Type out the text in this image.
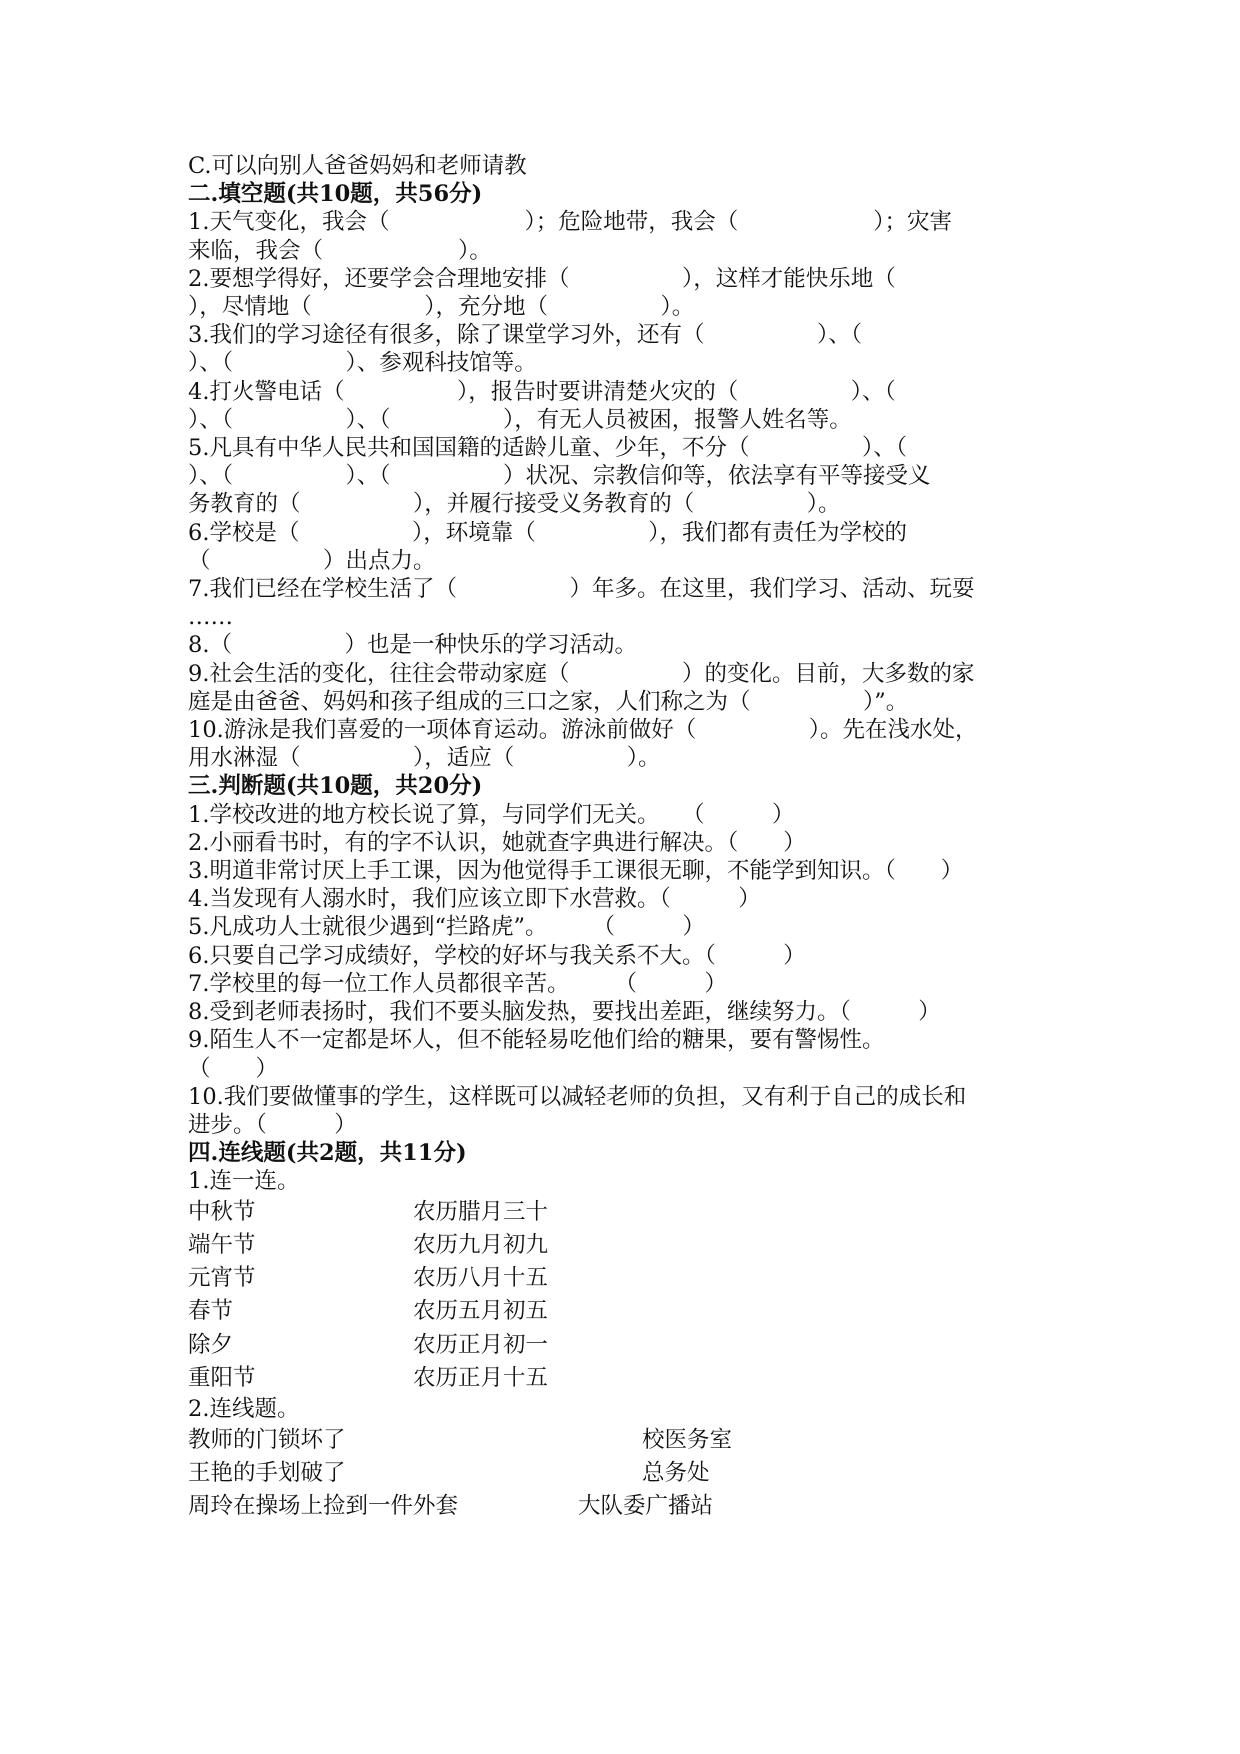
C.可以向别人爸爸妈妈和老师请教
二.填空题(共10题，共56分)
1.天气变化，我会（　　　　　　）；危险地带，我会（　　　　　　）；灾害
来临，我会（　　　　　　）。
2.要想学得好，还要学会合理地安排（　　　　　），这样才能快乐地（
），尽情地（　　　　　），充分地（　　　　　）。
3.我们的学习途径有很多，除了课堂学习外，还有（　　　　　）、（
）、（　　　　　）、参观科技馆等。
4.打火警电话（　　　　　），报告时要讲清楚火灾的（　　　　　）、（
）、（　　　　　）、（　　　　　），有无人员被困，报警人姓名等。
5.凡具有中华人民共和国国籍的适龄儿童、少年，不分（　　　　　）、（
）、（　　　　　）、（　　　　　）状况、宗教信仰等，依法享有平等接受义
务教育的（　　　　　），并履行接受义务教育的（　　　　　）。
6.学校是（　　　　　），环境靠（　　　　　），我们都有责任为学校的
（　　　　　）出点力。
7.我们已经在学校生活了（　　　　　）年多。在这里，我们学习、活动、玩耍
……
8.（　　　　　）也是一种快乐的学习活动。
9.社会生活的变化，往往会带动家庭（　　　　　）的变化。目前，大多数的家
庭是由爸爸、妈妈和孩子组成的三口之家，人们称之为（　　　　　）”。
10.游泳是我们喜爱的一项体育运动。游泳前做好（　　　　　）。先在浅水处，
用水淋湿（　　　　　），适应（　　　　　）。
三.判断题(共10题，共20分)
1.学校改进的地方校长说了算，与同学们无关。　　（　　　）
2.小丽看书时，有的字不认识，她就查字典进行解决。（　　）
3.明道非常讨厌上手工课，因为他觉得手工课很无聊，不能学到知识。（　　）
4.当发现有人溺水时，我们应该立即下水营救。（　　　）
5.凡成功人士就很少遇到“拦路虎”。　　　（　　　）
6.只要自己学习成绩好，学校的好坏与我关系不大。（　　　）
7.学校里的每一位工作人员都很辛苦。　　　（　　　）
8.受到老师表扬时，我们不要头脑发热，要找出差距，继续努力。（　　　）
9.陌生人不一定都是坏人，但不能轻易吃他们给的糖果，要有警惕性。
（　　）
10.我们要做懂事的学生，这样既可以减轻老师的负担，又有利于自己的成长和
进步。（　　　）
四.连线题(共2题，共11分)
1.连一连。
中秋节	农历腊月三十
端午节	农历九月初九
元宵节	农历八月十五
春节	农历五月初五
除夕	农历正月初一
重阳节	农历正月十五
2.连线题。
教师的门锁坏了	校医务室
王艳的手划破了	总务处
周玲在操场上捡到一件外套	大队委广播站
